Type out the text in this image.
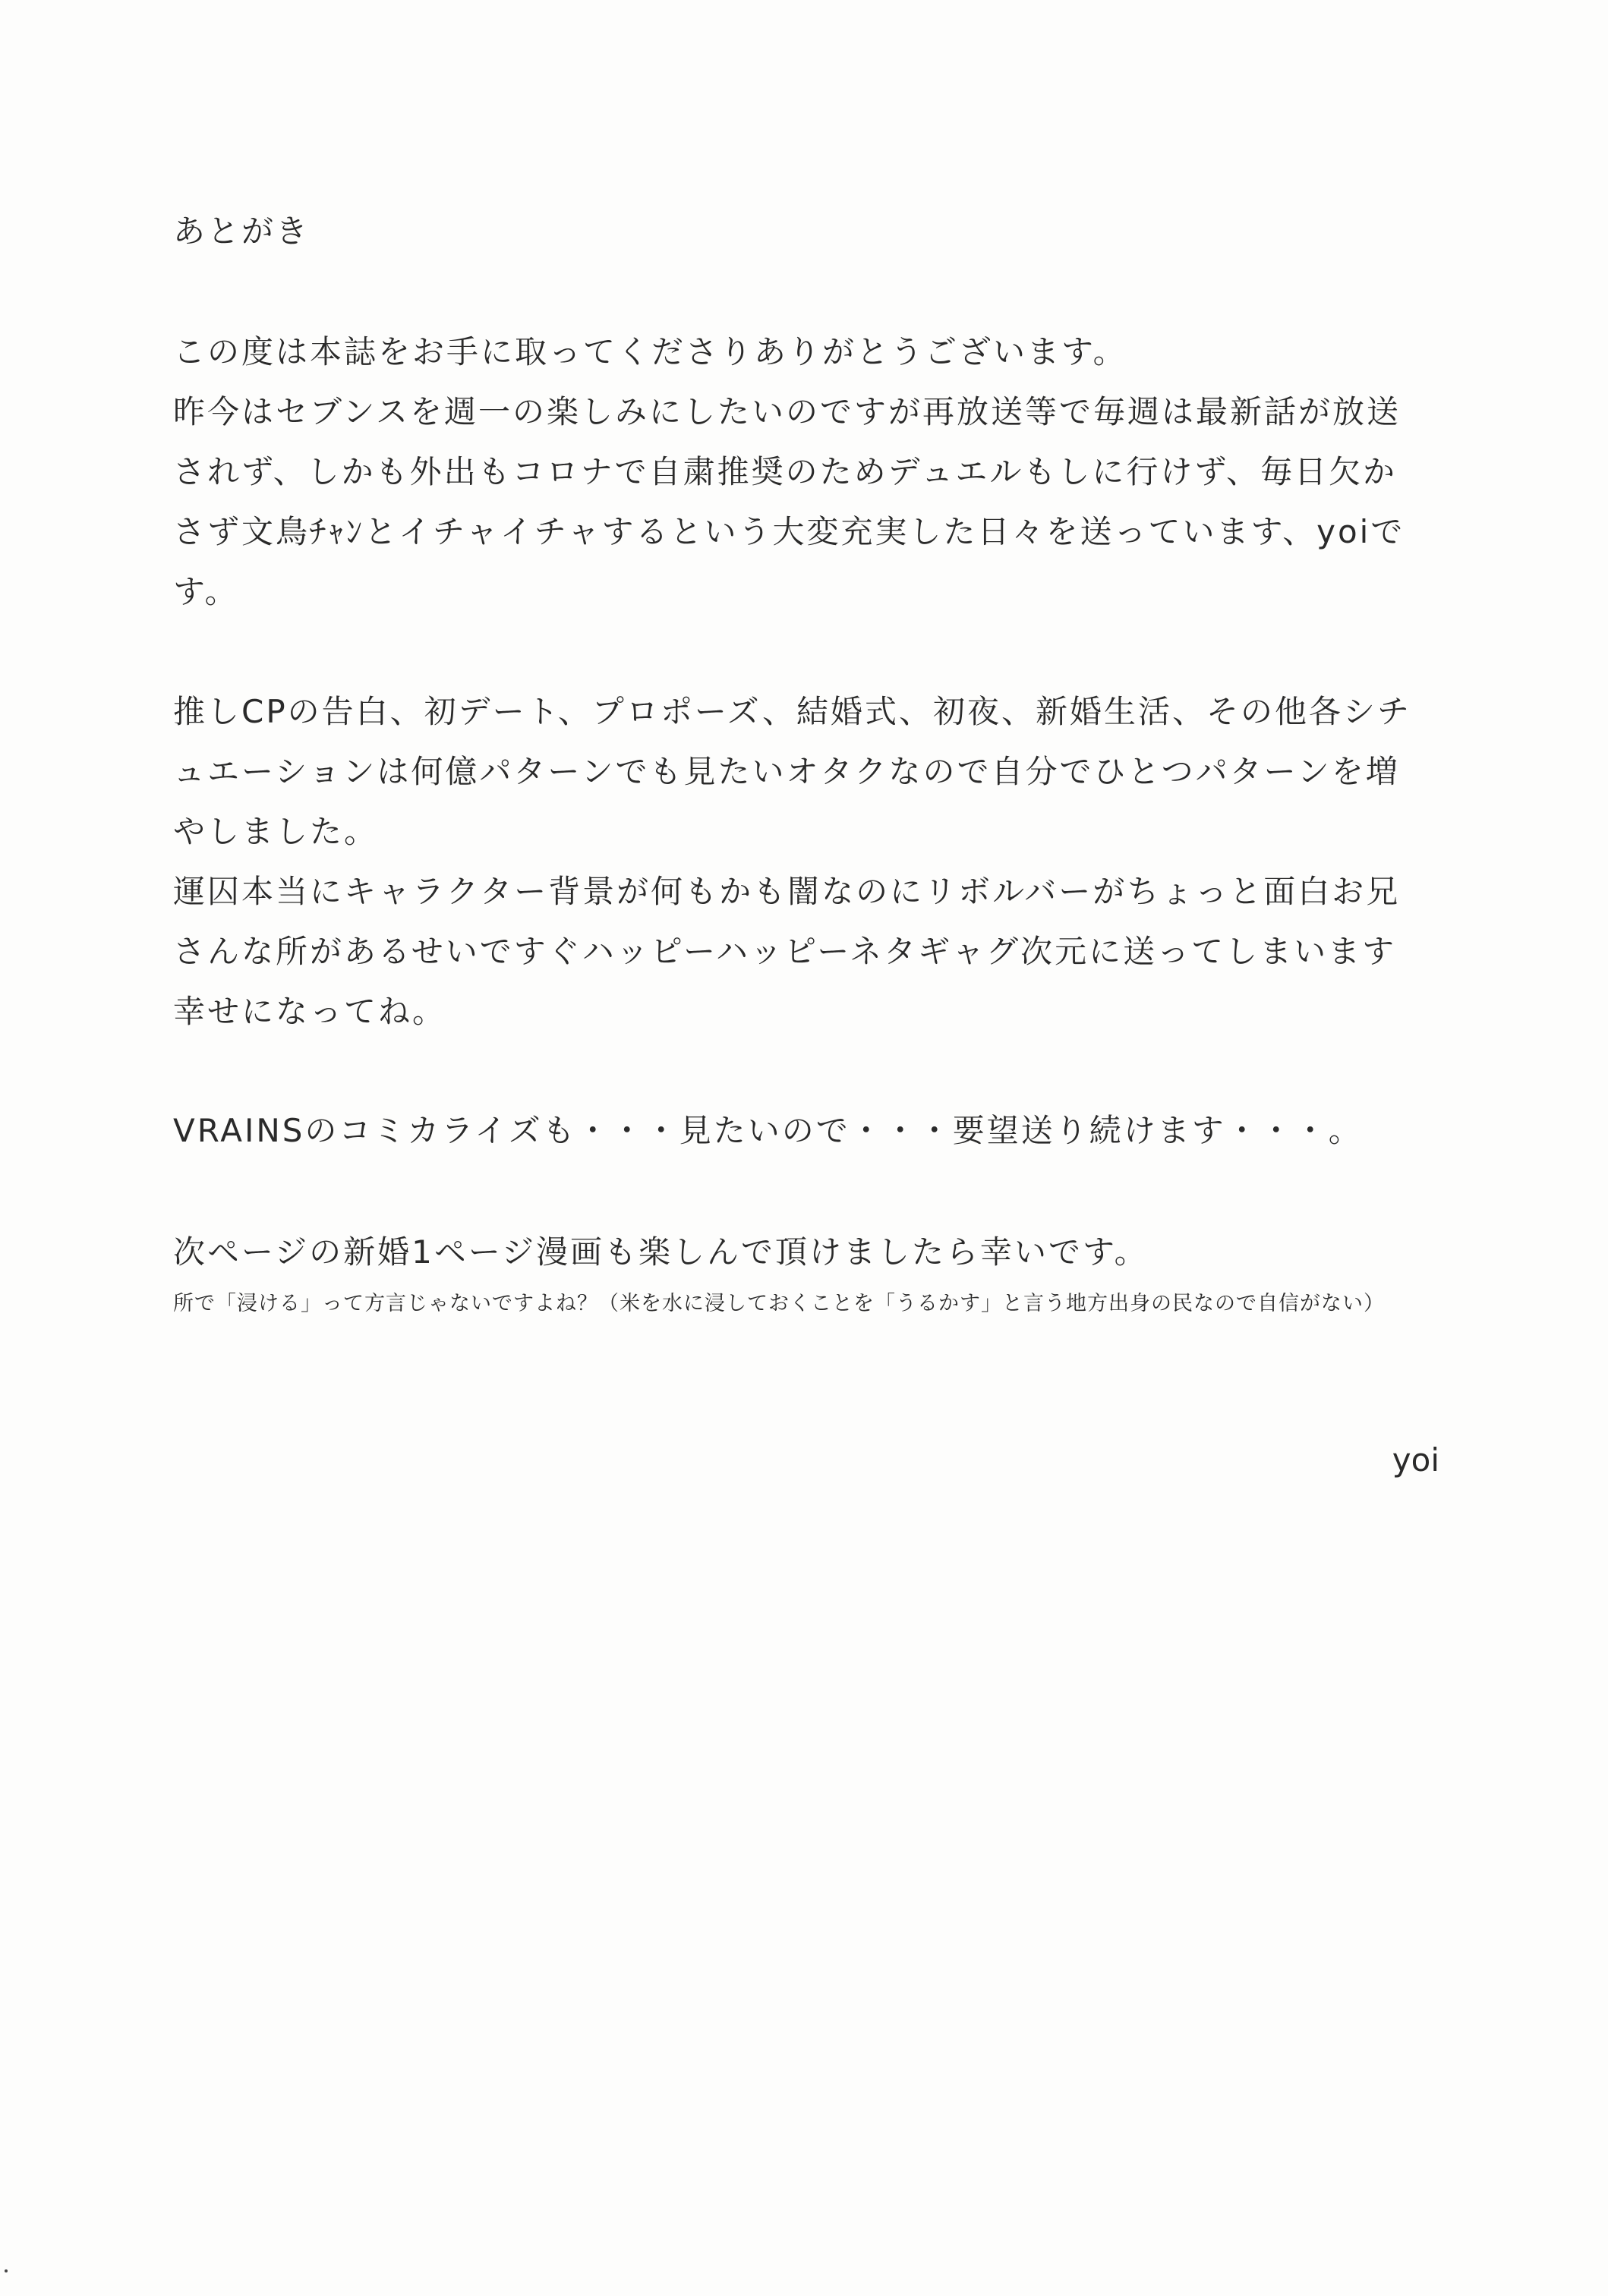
あとがき
この度は本誌をお手に取ってくださりありがとうございます。
昨今はセブンスを週一の楽しみにしたいのですが再放送等で毎週は最新話が放送
されず、しかも外出もコロナで自粛推奨のためデュエルもしに行けず、毎日欠か
さず文鳥ﾁｬﾝとイチャイチャするという大変充実した日々を送っています、yoiで
す。
推しCPの告白、初デート、プロポーズ、結婚式、初夜、新婚生活、その他各シチ
ュエーションは何億パターンでも見たいオタクなので自分でひとつパターンを増
やしました。
運囚本当にキャラクター背景が何もかも闇なのにリボルバーがちょっと面白お兄
さんな所があるせいですぐハッピーハッピーネタギャグ次元に送ってしまいます
幸せになってね。
VRAINSのコミカライズも・・・見たいので・・・要望送り続けます・・・。
次ページの新婚1ページ漫画も楽しんで頂けましたら幸いです。
所で「浸ける」って方言じゃないですよね？（米を水に浸しておくことを「うるかす」と言う地方出身の民なので自信がない）
yoi
